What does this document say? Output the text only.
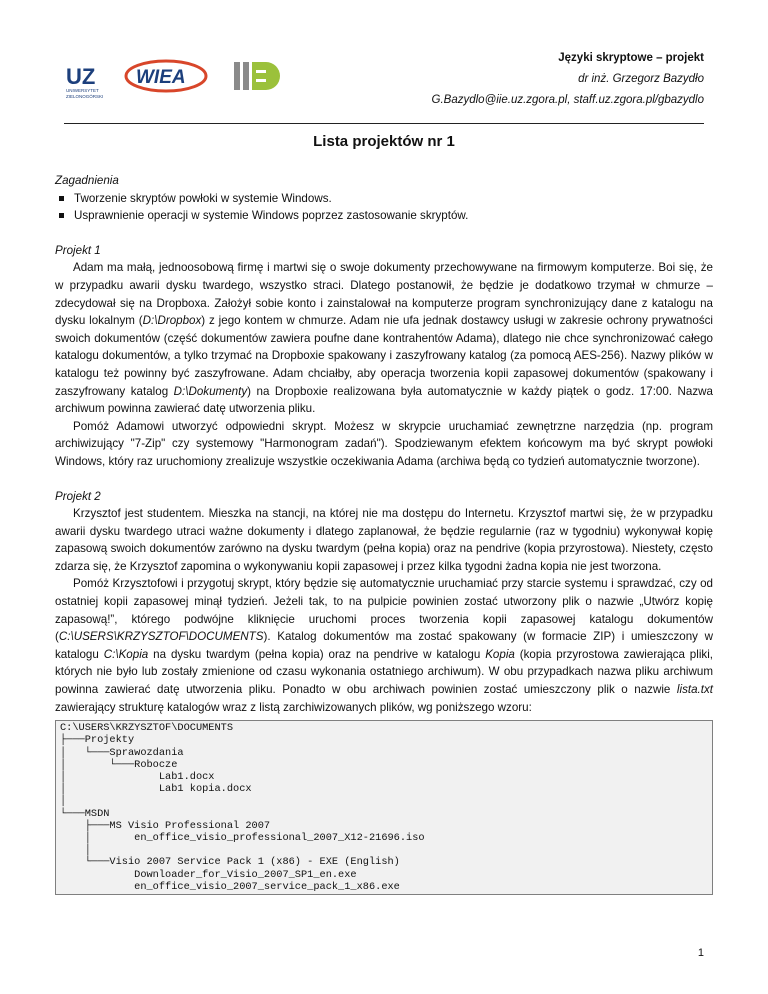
UZ
UNIWERSYTET
ZIELONOGÓRSKI
WIEA
Języki skryptowe – projekt
dr inż. Grzegorz Bazydło
G.Bazydlo@iie.uz.zgora.pl, staff.uz.zgora.pl/gbazydlo
Lista projektów nr 1

Zagadnienia

Tworzenie skryptów powłoki w systemie Windows.
Usprawnienie operacji w systemie Windows poprzez zastosowanie skryptów.

Projekt 1

Adam ma małą, jednoosobową firmę i martwi się o swoje dokumenty przechowywane na firmowym komputerze. Boi się, że w przypadku awarii dysku twardego, wszystko straci. Dlatego postanowił, że będzie je dodatkowo trzymał w chmurze – zdecydował się na Dropboxa. Założył sobie konto i zainstalował na komputerze program synchronizujący dane z katalogu na dysku lokalnym (D:\Dropbox) z jego kontem w chmurze. Adam nie ufa jednak dostawcy usługi w zakresie ochrony prywatności swoich dokumentów (część dokumentów zawiera poufne dane kontrahentów Adama), dlatego nie chce synchronizować całego katalogu dokumentów, a tylko trzymać na Dropboxie spakowany i zaszyfrowany katalog (za pomocą AES-256). Nazwy plików w katalogu też powinny być zaszyfrowane. Adam chciałby, aby operacja tworzenia kopii zapasowej dokumentów (spakowany i zaszyfrowany katalog D:\Dokumenty) na Dropboxie realizowana była automatycznie w każdy piątek o godz. 17:00. Nazwa archiwum powinna zawierać datę utworzenia pliku.

Pomóż Adamowi utworzyć odpowiedni skrypt. Możesz w skrypcie uruchamiać zewnętrzne narzędzia (np. program archiwizujący "7-Zip" czy systemowy "Harmonogram zadań"). Spodziewanym efektem końcowym ma być skrypt powłoki Windows, który raz uruchomiony zrealizuje wszystkie oczekiwania Adama (archiwa będą co tydzień automatycznie tworzone).

Projekt 2

Krzysztof jest studentem. Mieszka na stancji, na której nie ma dostępu do Internetu. Krzysztof martwi się, że w przypadku awarii dysku twardego utraci ważne dokumenty i dlatego zaplanował, że będzie regularnie (raz w tygodniu) wykonywał kopię zapasową swoich dokumentów zarówno na dysku twardym (pełna kopia) oraz na pendrive (kopia przyrostowa). Niestety, często zdarza się, że Krzysztof zapomina o wykonywaniu kopii zapasowej i przez kilka tygodni żadna kopia nie jest tworzona.

Pomóż Krzysztofowi i przygotuj skrypt, który będzie się automatycznie uruchamiać przy starcie systemu i sprawdzać, czy od ostatniej kopii zapasowej minął tydzień. Jeżeli tak, to na pulpicie powinien zostać utworzony plik o nazwie „Utwórz kopię zapasową!”, którego podwójne kliknięcie uruchomi proces tworzenia kopii zapasowej katalogu dokumentów (C:\USERS\KRZYSZTOF\DOCUMENTS). Katalog dokumentów ma zostać spakowany (w formacie ZIP) i umieszczony w katalogu C:\Kopia na dysku twardym (pełna kopia) oraz na pendrive w katalogu Kopia (kopia przyrostowa zawierająca pliki, których nie było lub zostały zmienione od czasu wykonania ostatniego archiwum). W obu przypadkach nazwa pliku archiwum powinna zawierać datę utworzenia pliku. Ponadto w obu archiwach powinien zostać umieszczony plik o nazwie lista.txt zawierający strukturę katalogów wraz z listą zarchiwizowanych plików, wg poniższego wzoru:

C:\USERS\KRZYSZTOF\DOCUMENTS
├───Projekty
│   └───Sprawozdania
│       └───Robocze
│               Lab1.docx
│               Lab1 kopia.docx
│
└───MSDN
├───MS Visio Professional 2007
│       en_office_visio_professional_2007_X12-21696.iso
│
└───Visio 2007 Service Pack 1 (x86) - EXE (English)
Downloader_for_Visio_2007_SP1_en.exe
en_office_visio_2007_service_pack_1_x86.exe
1
